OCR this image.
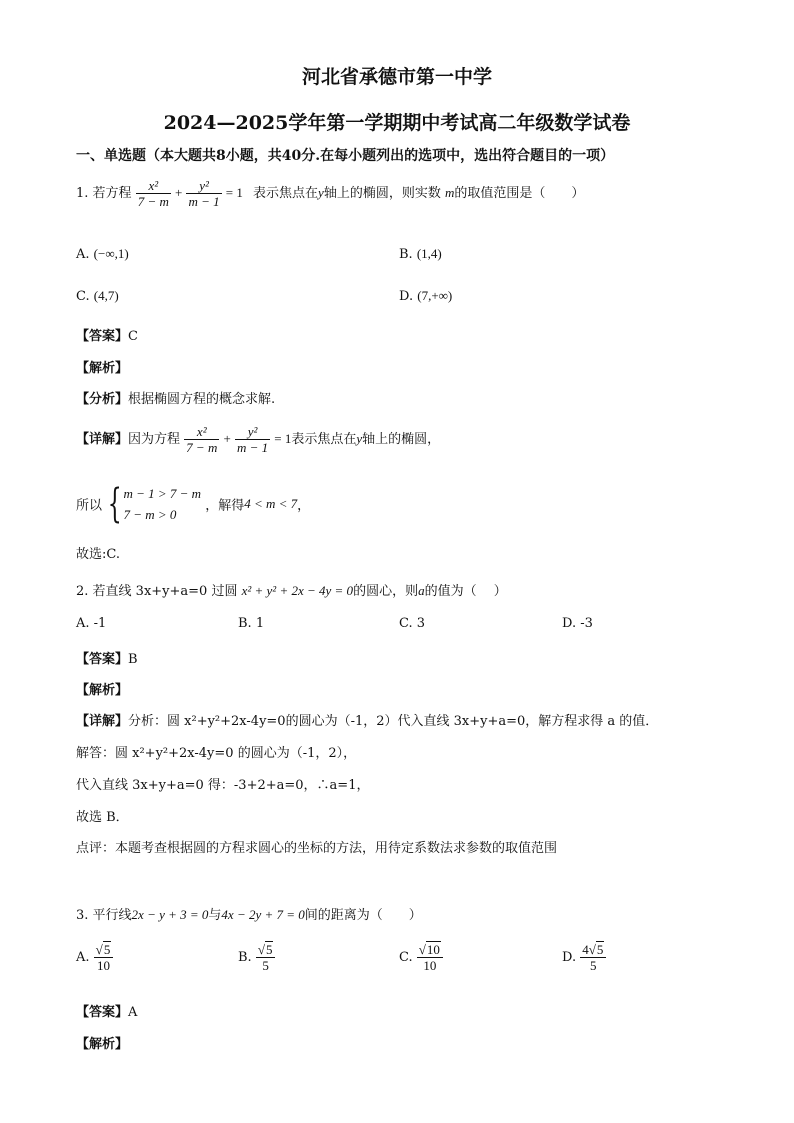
河北省承德市第一中学
2024—2025学年第一学期期中考试高二年级数学试卷
一、单选题（本大题共8小题，共40分.在每小题列出的选项中，选出符合题目的一项）
1. 若方程 $\frac{\text{x²}}{7 - m} + \frac{\text{y²}}{m - 1} = 1$ 表示焦点在y轴上的椭圆，则实数 m的取值范围是（　　）
A. (−∞,1)	B. (1,4)
C. (4,7)	D. (7,+∞)
【答案】C
【解析】
【分析】根据椭圆方程的概念求解.
【详解】因为方程 $\frac{\text{x²}}{7 - m} + \frac{\text{y²}}{m - 1} = 1$表示焦点在y轴上的椭圆，
所以 { m − 1 > 7 − m
7 − m > 0
，解得4 < m < 7，
故选:C.
2. 若直线 3x+y+a=0 过圆 x² + y² + 2x − 4y = 0的圆心，则a的值为（　 ）
A. -1	B. 1	C. 3	D. -3
【答案】B
【解析】
【详解】分析：圆 x²+y²+2x-4y=0的圆心为（-1，2）代入直线 3x+y+a=0，解方程求得 a 的值．
解答：圆 x²+y²+2x-4y=0 的圆心为（-1，2），
代入直线 3x+y+a=0 得：-3+2+a=0，∴a=1，
故选 B．
点评：本题考查根据圆的方程求圆心的坐标的方法，用待定系数法求参数的取值范围
3. 平行线2x − y + 3 = 0与4x − 2y + 7 = 0间的距离为（　　）
A. $\frac{√5}{10}$	B. $\frac{√5}{5}$	C. $\frac{√10}{10}$	D. $\frac{4√5}{5}$
【答案】A
【解析】
